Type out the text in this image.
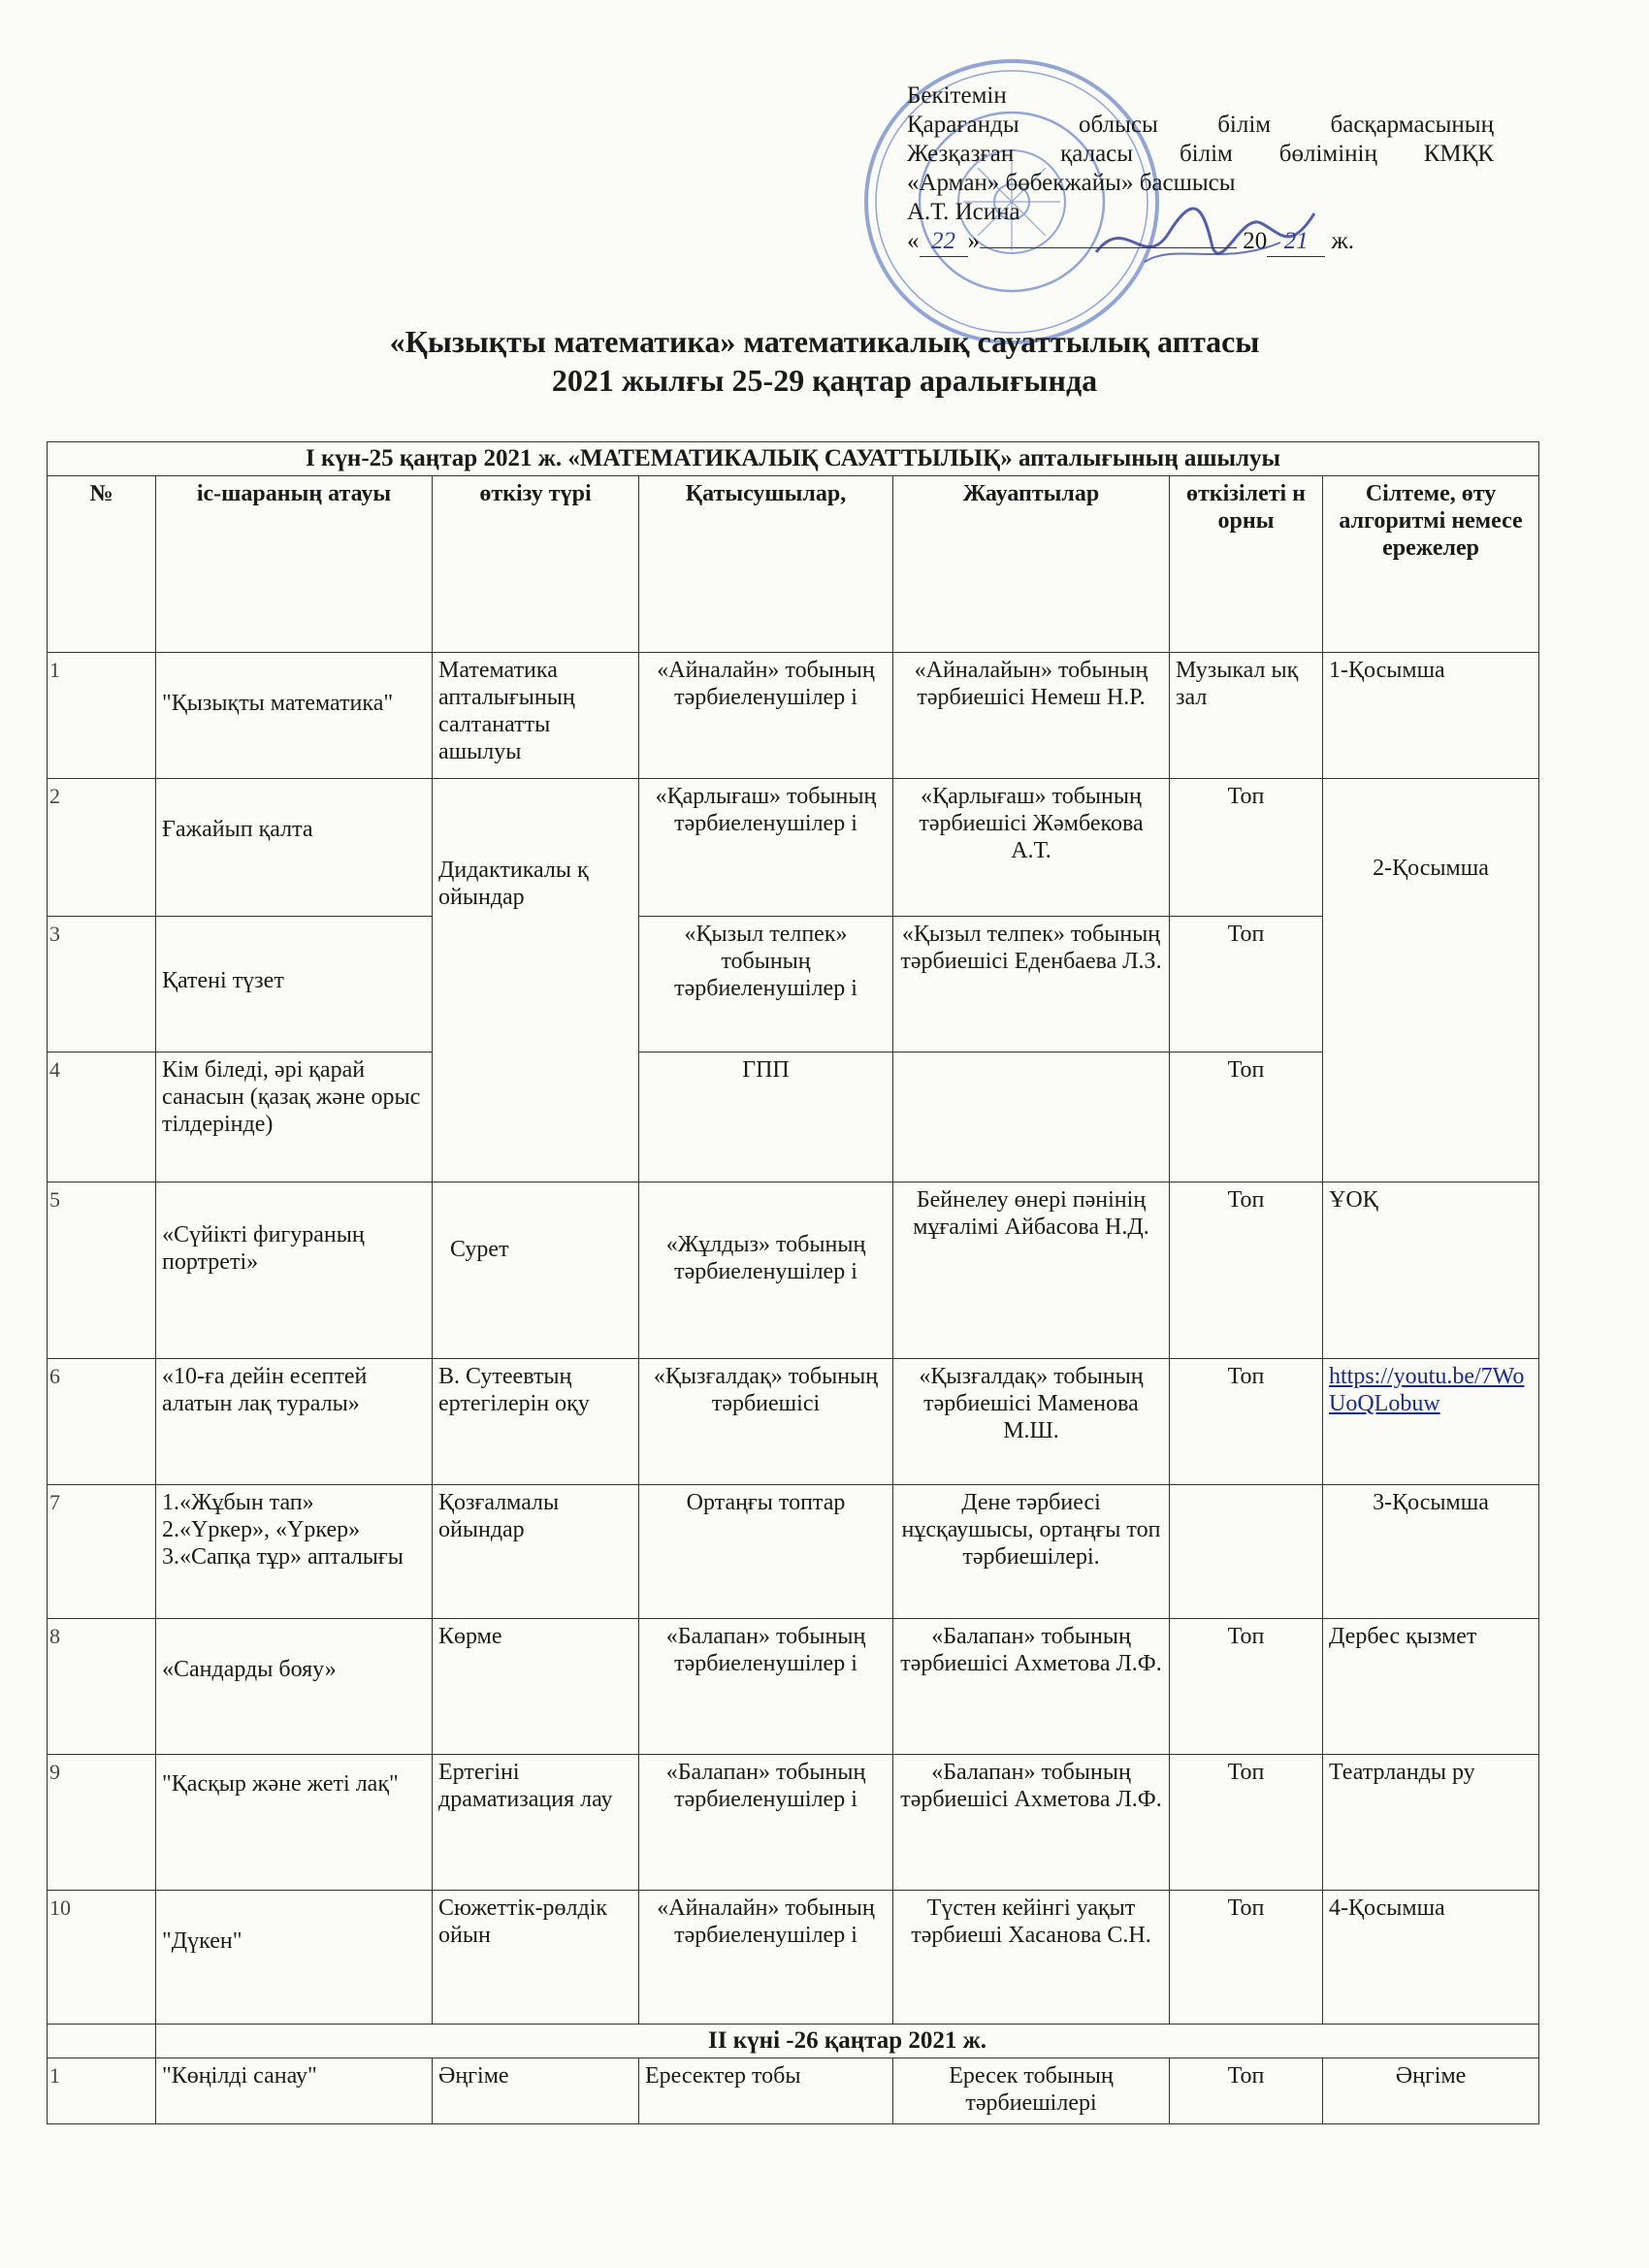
Бекітемін
Қарағанды облысы білім басқармасының
Жезқазған қаласы білім бөлімінің КМҚК
«Арман» бөбекжайы» басшысы
А.Т. Исина
« 22 »	20 21 ж.
«Қызықты математика» математикалық сауаттылық аптасы
2021 жылғы 25-29 қаңтар аралығында
І күн-25 қаңтар 2021 ж. «МАТЕМАТИКАЛЫҚ САУАТТЫЛЫҚ» апталығының ашылуы						
№	іс-шараның атауы	өткізу түрі	Қатысушылар,	Жауаптылар	өткізілеті н орны	Сілтеме, өту алгоритмі немесе ережелер
1	"Қызықты математика"	Математика апталығының салтанатты ашылуы	«Айналайн» тобының тәрбиеленушілер і	«Айналайын» тобының тәрбиешісі Немеш Н.Р.	Музыкал ық зал	1-Қосымша
2	Ғажайып қалта	Дидактикалы қ ойындар	«Қарлығаш» тобының тәрбиеленушілер і	«Қарлығаш» тобының тәрбиешісі Жәмбекова А.Т.	Топ	2-Қосымша
3	Қатені түзет		«Қызыл телпек» тобының тәрбиеленушілер і	«Қызыл телпек» тобының тәрбиешісі Еденбаева Л.З.	Топ	
4	Кім біледі, әрі қарай санасын (қазақ және орыс тілдерінде)		ГПП		Топ	
5	«Сүйікті фигураның портреті»	Сурет	«Жұлдыз» тобының тәрбиеленушілер і	Бейнелеу өнері пәнінің мұғалімі Айбасова Н.Д.	Топ	ҰОҚ
6	«10-ға дейін есептей алатын лақ туралы»	В. Сутеевтың ертегілерін оқу	«Қызғалдақ» тобының тәрбиешісі	«Қызғалдақ» тобының тәрбиешісі Маменова М.Ш.	Топ	https://youtu.be/7WoUoQLobuw
7	1.«Жұбын тап» 2.«Үркер», «Үркер» 3.«Сапқа тұр» апталығы	Қозғалмалы ойындар	Ортаңғы топтар	Дене тәрбиесі нұсқаушысы, ортаңғы топ тәрбиешілері.		3-Қосымша
8	«Сандарды бояу»	Көрме	«Балапан» тобының тәрбиеленушілер і	«Балапан» тобының тәрбиешісі Ахметова Л.Ф.	Топ	Дербес қызмет
9	"Қасқыр және жеті лақ"	Ертегіні драматизация лау	«Балапан» тобының тәрбиеленушілер і	«Балапан» тобының тәрбиешісі Ахметова Л.Ф.	Топ	Театрланды ру
10	"Дүкен"	Сюжеттік-рөлдік ойын	«Айналайн» тобының тәрбиеленушілер і	Түстен кейінгі уақыт тәрбиеші Хасанова С.Н.	Топ	4-Қосымша
	ІІ күні -26 қаңтар 2021 ж.					
1	"Көңілді санау"	Әңгіме	Ересектер тобы	Ересек тобының тәрбиешілері	Топ	Әңгіме
